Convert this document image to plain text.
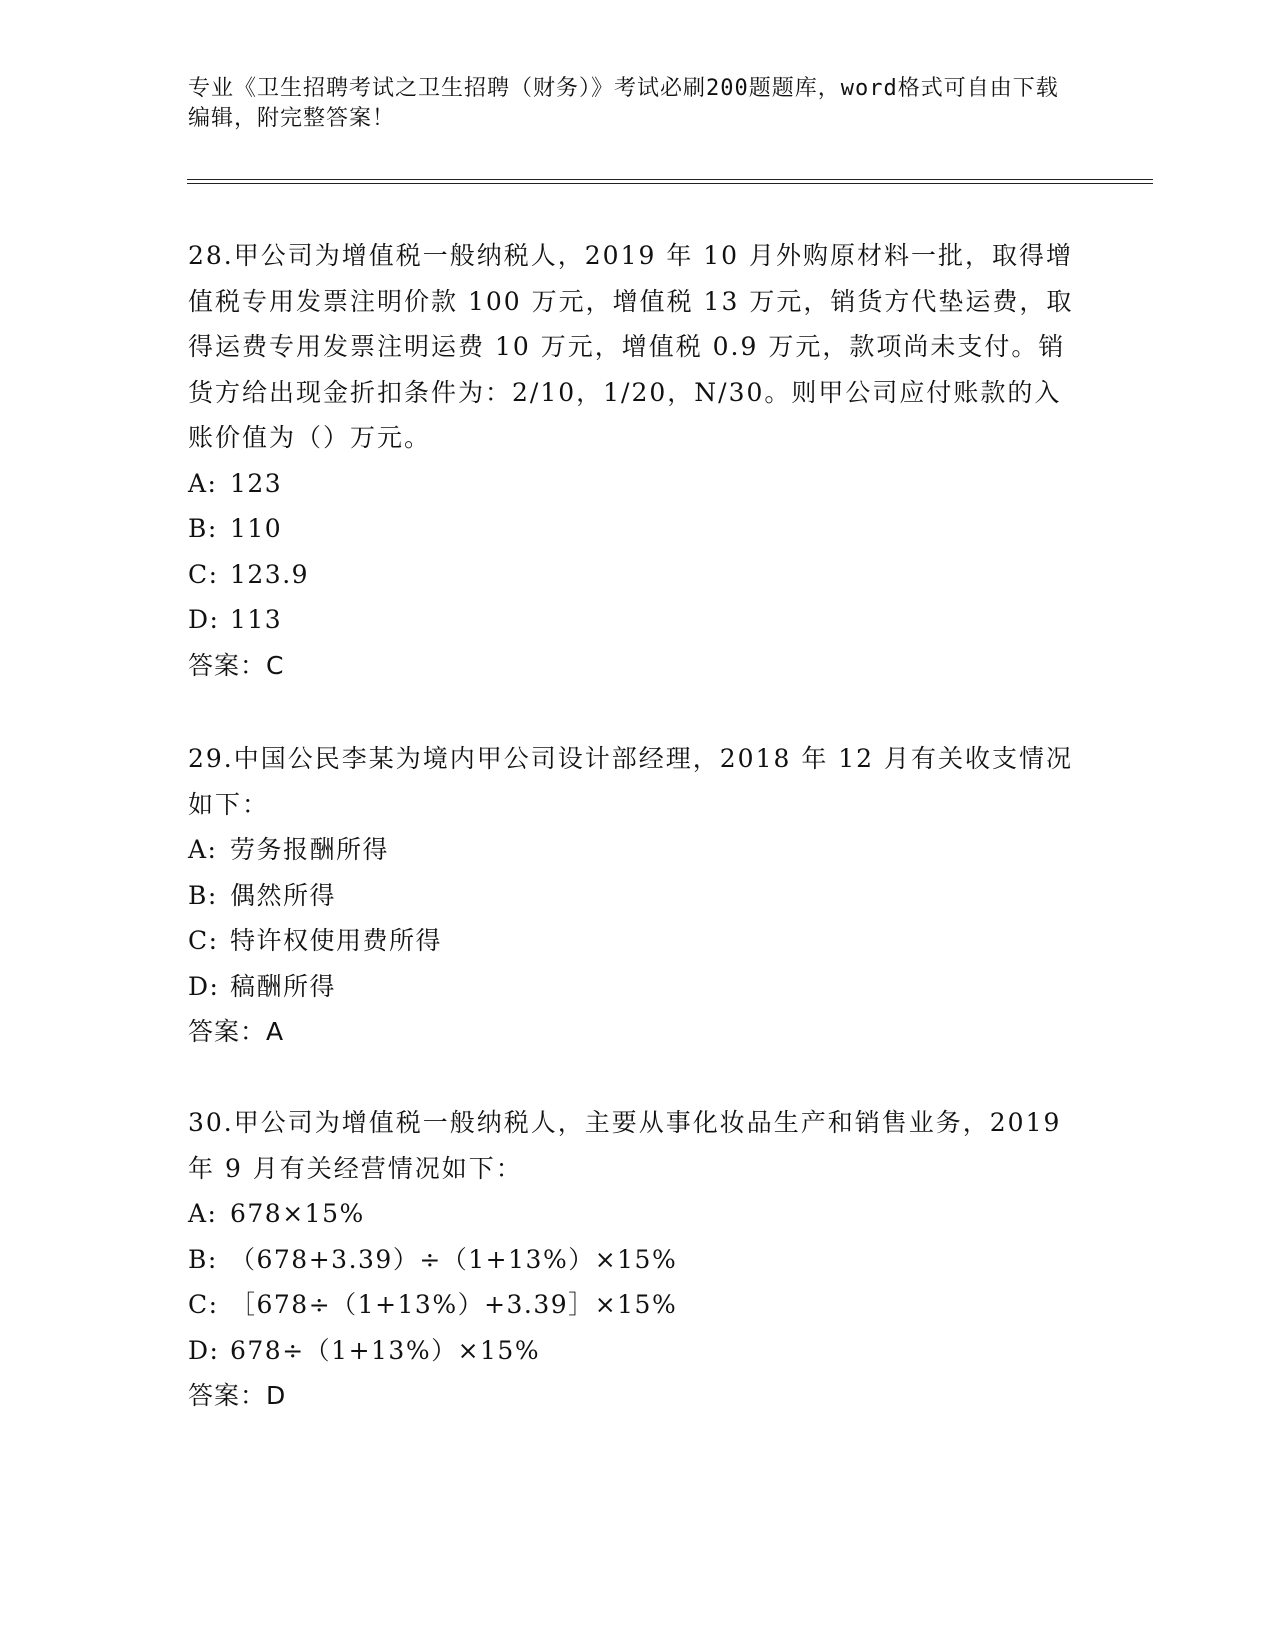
专业《卫生招聘考试之卫生招聘（财务）》考试必刷200题题库，word格式可自由下载编辑，附完整答案！

28.甲公司为增值税一般纳税人，2019 年 10 月外购原材料一批，取得增值税专用发票注明价款 100 万元，增值税 13 万元，销货方代垫运费，取得运费专用发票注明运费 10 万元，增值税 0.9 万元，款项尚未支付。销货方给出现金折扣条件为：2/10，1/20，N/30。则甲公司应付账款的入账价值为（）万元。

A: 123

B: 110

C: 123.9

D: 113

答案：C

29.中国公民李某为境内甲公司设计部经理，2018 年 12 月有关收支情况如下：

A: 劳务报酬所得

B: 偶然所得

C: 特许权使用费所得

D: 稿酬所得

答案：A

30.甲公司为增值税一般纳税人，主要从事化妆品生产和销售业务，2019 年 9 月有关经营情况如下：

A: 678×15%

B: （678+3.39）÷（1+13%）×15%

C: ［678÷（1+13%）+3.39］×15%

D: 678÷（1+13%）×15%

答案：D
